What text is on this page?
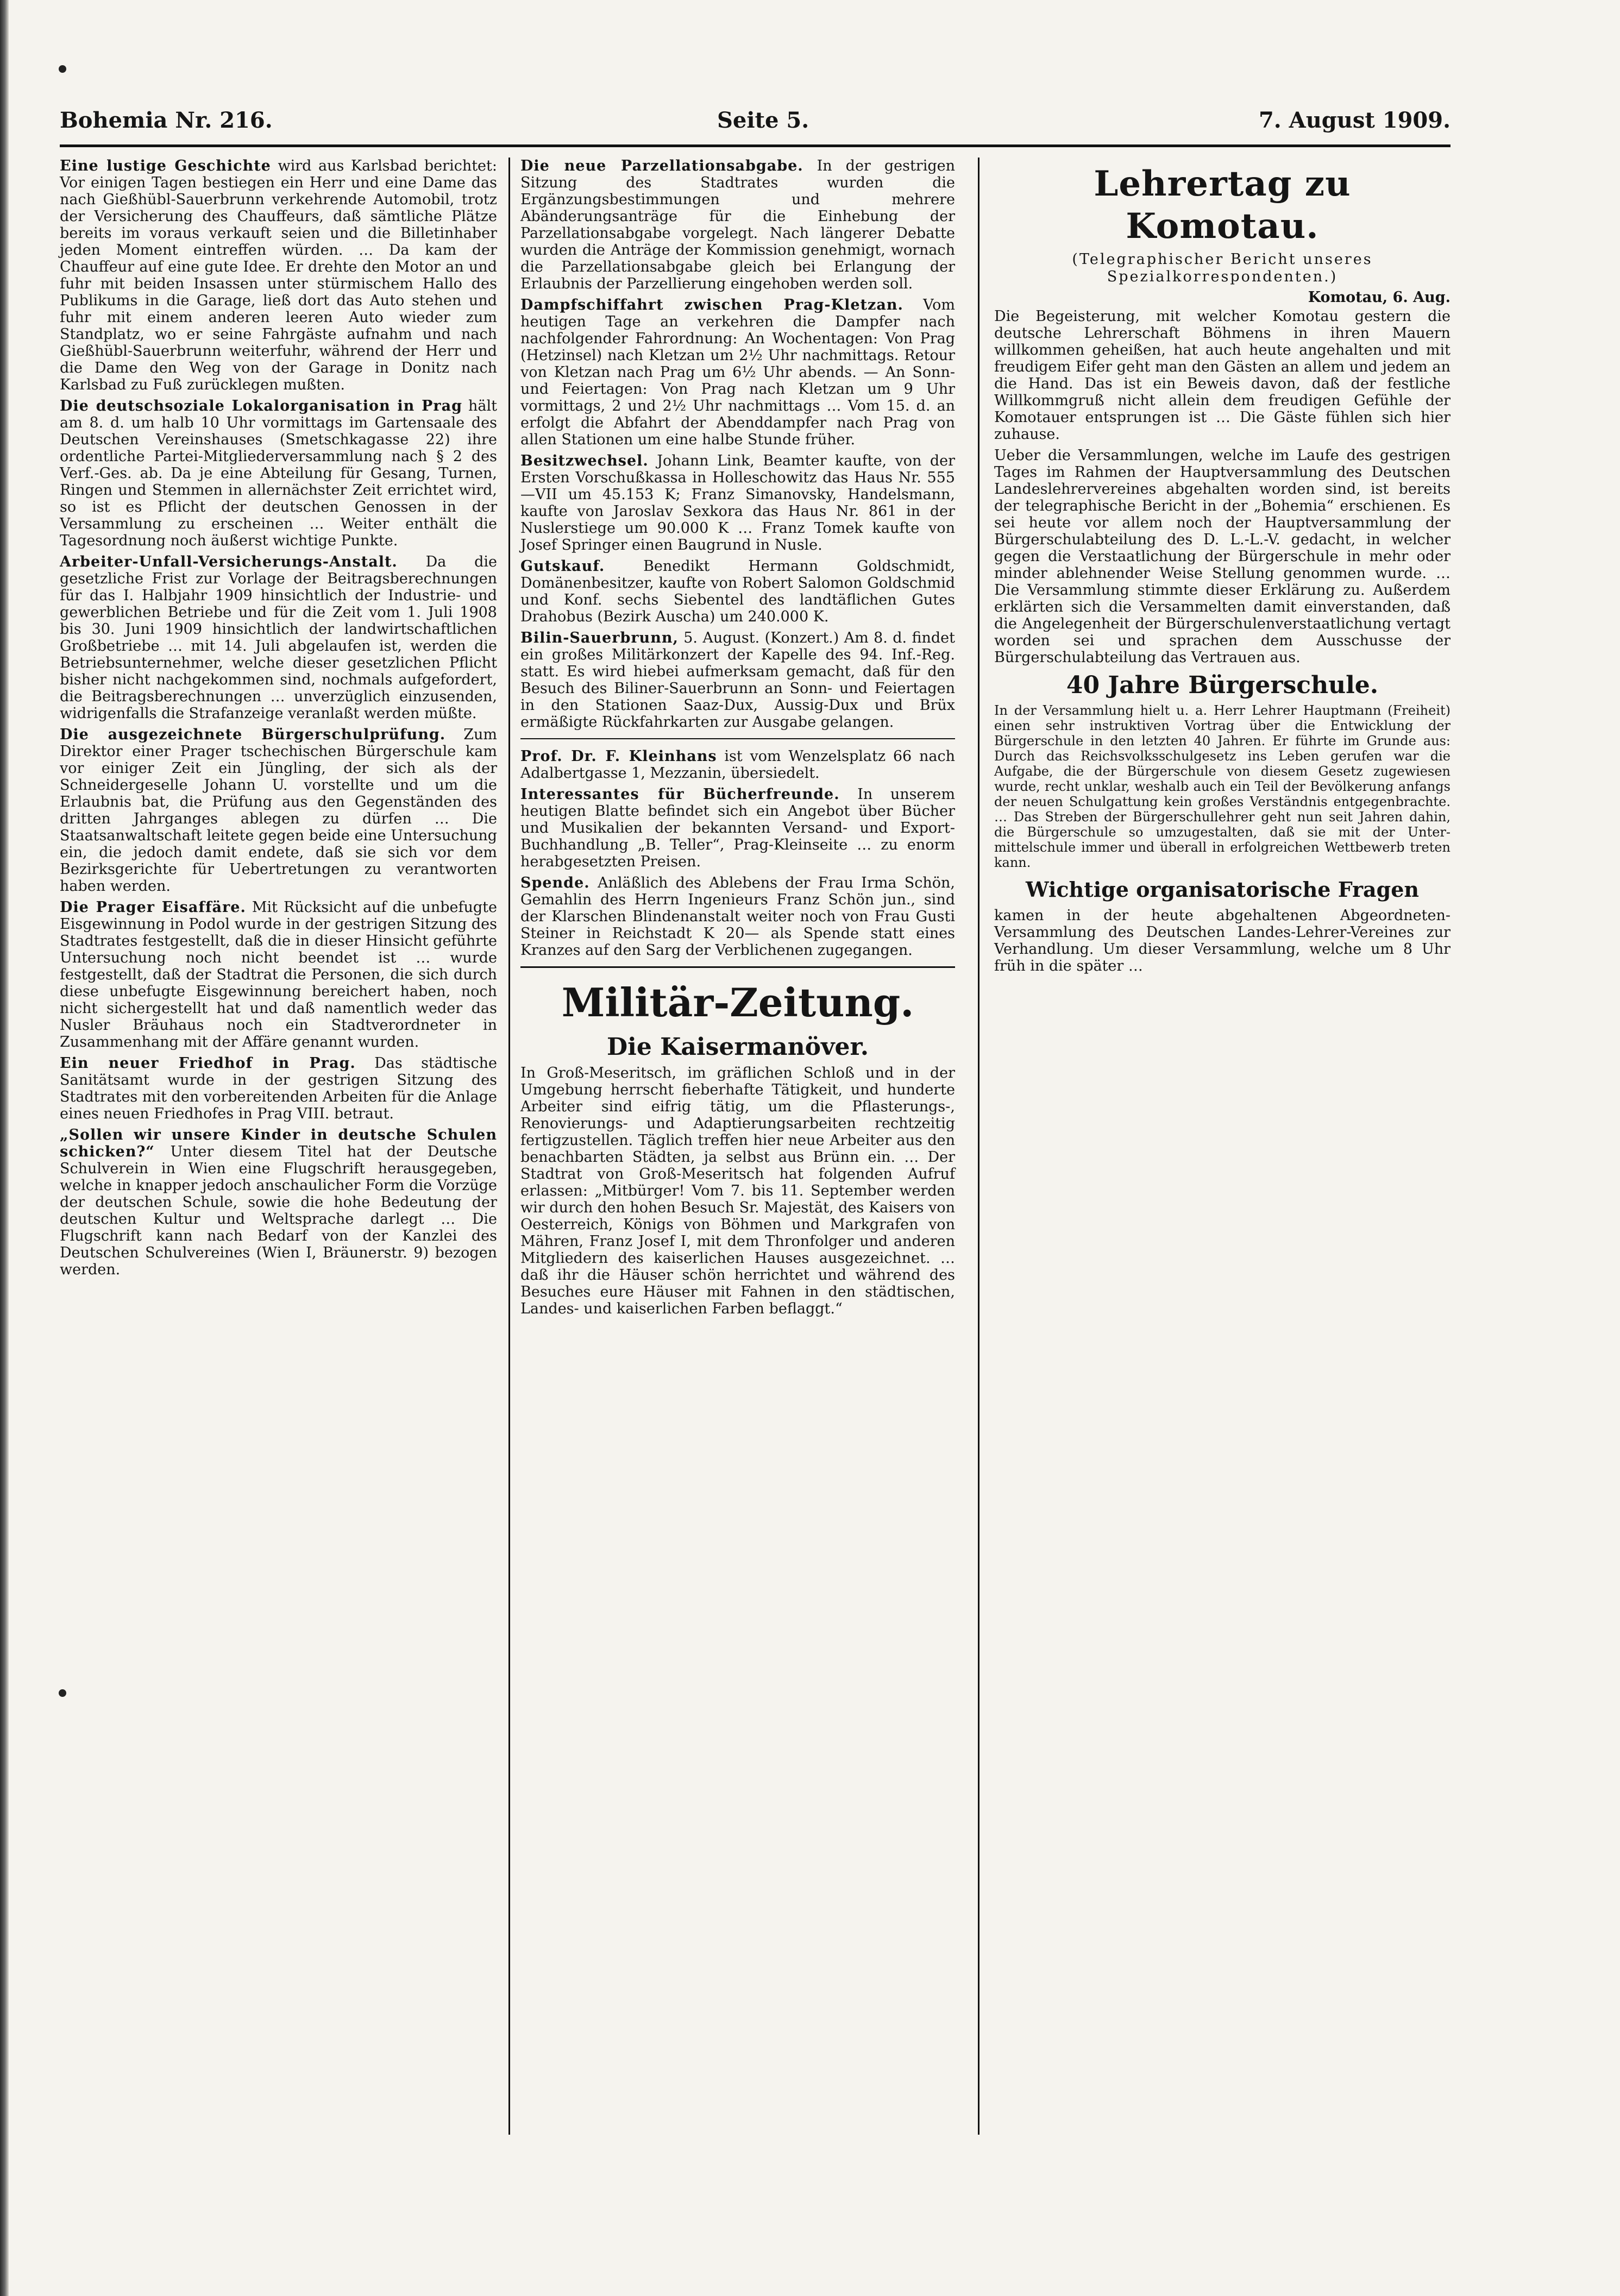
Bohemia Nr. 216.	Seite 5.	7. August 1909.

Eine lustige Geschichte wird aus Karlsbad berichtet: Vor einigen Tagen bestiegen ein Herr und eine Dame das nach Gießhübl-Sauerbrunn verkehrende Automobil, trotz der Versicherung des Chauffeurs, daß sämtliche Plätze bereits im voraus verkauft seien und die Billetinhaber jeden Moment eintreffen würden. … Da kam der Chauffeur auf eine gute Idee. Er drehte den Motor an und fuhr mit beiden Insassen unter stürmischem Hallo des Publikums in die Garage, ließ dort das Auto stehen und fuhr mit einem anderen leeren Auto wieder zum Standplatz, wo er seine Fahrgäste aufnahm und nach Gießhübl-Sauerbrunn weiterfuhr, während der Herr und die Dame den Weg von der Garage in Donitz nach Karlsbad zu Fuß zurücklegen mußten.

Die deutschsoziale Lokalorganisation in Prag hält am 8. d. um halb 10 Uhr vormittags im Gartensaale des Deutschen Vereinshauses (Smetschkagasse 22) ihre ordentliche Partei-Mitgliederversammlung nach § 2 des Verf.-Ges. ab. Da je eine Abteilung für Gesang, Turnen, Ringen und Stemmen in allernächster Zeit errichtet wird, so ist es Pflicht der deutschen Genossen in der Versammlung zu erscheinen … Weiter enthält die Tagesordnung noch äußerst wichtige Punkte.

Arbeiter-Unfall-Versicherungs-Anstalt. Da die gesetzliche Frist zur Vorlage der Beitragsberechnungen für das I. Halbjahr 1909 hinsichtlich der Industrie- und gewerblichen Betriebe und für die Zeit vom 1. Juli 1908 bis 30. Juni 1909 hinsichtlich der landwirtschaftlichen Großbetriebe … mit 14. Juli abgelaufen ist, werden die Betriebsunternehmer, welche dieser gesetzlichen Pflicht bisher nicht nachgekommen sind, nochmals aufgefordert, die Beitragsberechnungen … unverzüglich einzusenden, widrigenfalls die Strafanzeige veranlaßt werden müßte.

Die ausgezeichnete Bürgerschulprüfung. Zum Direktor einer Prager tschechischen Bürgerschule kam vor einiger Zeit ein Jüngling, der sich als der Schneidergeselle Johann U. vorstellte und um die Erlaubnis bat, die Prüfung aus den Gegenständen des dritten Jahrganges ablegen zu dürfen … Die Staatsanwaltschaft leitete gegen beide eine Untersuchung ein, die jedoch damit endete, daß sie sich vor dem Bezirksgerichte für Uebertretungen zu verantworten haben werden.

Die Prager Eisaffäre. Mit Rücksicht auf die unbefugte Eisgewinnung in Podol wurde in der gestrigen Sitzung des Stadtrates festgestellt, daß die in dieser Hinsicht geführte Untersuchung noch nicht beendet ist … wurde festgestellt, daß der Stadtrat die Personen, die sich durch diese unbefugte Eisgewinnung bereichert haben, noch nicht sichergestellt hat und daß namentlich weder das Nusler Bräuhaus noch ein Stadtverordneter in Zusammenhang mit der Affäre genannt wurden.

Ein neuer Friedhof in Prag. Das städtische Sanitätsamt wurde in der gestrigen Sitzung des Stadtrates mit den vorbereitenden Arbeiten für die Anlage eines neuen Friedhofes in Prag VIII. betraut.

„Sollen wir unsere Kinder in deutsche Schulen schicken?“ Unter diesem Titel hat der Deutsche Schulverein in Wien eine Flugschrift herausgegeben, welche in knapper jedoch anschaulicher Form die Vorzüge der deutschen Schule, sowie die hohe Bedeutung der deutschen Kultur und Weltsprache darlegt … Die Flugschrift kann nach Bedarf von der Kanzlei des Deutschen Schulvereines (Wien I, Bräunerstr. 9) bezogen werden.

Die neue Parzellationsabgabe. In der gestrigen Sitzung des Stadtrates wurden die Ergänzungsbestimmungen und mehrere Abänderungsanträge für die Einhebung der Parzellationsabgabe vorgelegt. Nach längerer Debatte wurden die Anträge der Kommission genehmigt, wornach die Parzellationsabgabe gleich bei Erlangung der Erlaubnis der Parzellierung eingehoben werden soll.

Dampfschiffahrt zwischen Prag-Kletzan. Vom heutigen Tage an verkehren die Dampfer nach nachfolgender Fahrordnung: An Wochentagen: Von Prag (Hetzinsel) nach Kletzan um 2½ Uhr nachmittags. Retour von Kletzan nach Prag um 6½ Uhr abends. — An Sonn- und Feiertagen: Von Prag nach Kletzan um 9 Uhr vormittags, 2 und 2½ Uhr nachmittags … Vom 15. d. an erfolgt die Abfahrt der Abenddampfer nach Prag von allen Stationen um eine halbe Stunde früher.

Besitzwechsel. Johann Link, Beamter kaufte, von der Ersten Vorschußkassa in Holleschowitz das Haus Nr. 555—VII um 45.153 K; Franz Simanovsky, Handelsmann, kaufte von Jaroslav Sexkora das Haus Nr. 861 in der Nuslerstiege um 90.000 K … Franz Tomek kaufte von Josef Springer einen Baugrund in Nusle.

Gutskauf.	Benedikt Hermann Goldschmidt, Domänenbesitzer, kaufte von Robert Salomon Goldschmid und Konf. sechs Siebentel des landtäflichen Gutes Drahobus (Bezirk Auscha) um 240.000 K.

Bilin-Sauerbrunn, 5. August. (Konzert.) Am 8. d. findet ein großes Militärkonzert der Kapelle des 94. Inf.-Reg. statt. Es wird hiebei aufmerksam gemacht, daß für den Besuch des Biliner-Sauerbrunn an Sonn- und Feiertagen in den Stationen Saaz-Dux, Aussig-Dux und Brüx ermäßigte Rückfahrkarten zur Ausgabe gelangen.

Prof. Dr. F. Kleinhans ist vom Wenzelsplatz 66 nach Adalbertgasse 1, Mezzanin, übersiedelt.

Interessantes für Bücherfreunde. In unserem heutigen Blatte befindet sich ein Angebot über Bücher und Musikalien der bekannten Versand- und Export-Buchhandlung „B. Teller“, Prag-Kleinseite … zu enorm herabgesetzten Preisen.

Spende. Anläßlich des Ablebens der Frau Irma Schön, Gemahlin des Herrn Ingenieurs Franz Schön jun., sind der Klarschen Blindenanstalt weiter noch von Frau Gusti Steiner in Reichstadt K 20— als Spende statt eines Kranzes auf den Sarg der Verblichenen zugegangen.

Militär-Zeitung.
Die Kaisermanöver.

In Groß-Meseritsch, im gräflichen Schloß und in der Umgebung herrscht fieberhafte Tätigkeit, und hunderte Arbeiter sind eifrig tätig, um die Pflasterungs-, Renovierungs- und Adaptierungsarbeiten rechtzeitig fertigzustellen. Täglich treffen hier neue Arbeiter aus den benachbarten Städten, ja selbst aus Brünn ein. … Der Stadtrat von Groß-Meseritsch hat folgenden Aufruf erlassen: „Mitbürger! Vom 7. bis 11. September werden wir durch den hohen Besuch Sr. Majestät, des Kaisers von Oesterreich, Königs von Böhmen und Markgrafen von Mähren, Franz Josef I, mit dem Thronfolger und anderen Mitgliedern des kaiserlichen Hauses ausgezeichnet. … daß ihr die Häuser schön herrichtet und während des Besuches eure Häuser mit Fahnen in den städtischen, Landes- und kaiserlichen Farben beflaggt.“

Lehrertag zu Komotau.
(Telegraphischer Bericht unseres Spezialkorrespondenten.)
Komotau, 6. Aug.

Die Begeisterung, mit welcher Komotau gestern die deutsche Lehrerschaft Böhmens in ihren Mauern willkommen geheißen, hat auch heute angehalten und mit freudigem Eifer geht man den Gästen an allem und jedem an die Hand. Das ist ein Beweis davon, daß der festliche Willkommgruß nicht allein dem freudigen Gefühle der Komotauer entsprungen ist … Die Gäste fühlen sich hier zuhause.

Ueber die Versammlungen, welche im Laufe des gestrigen Tages im Rahmen der Hauptversammlung des Deutschen Landeslehrervereines abgehalten worden sind, ist bereits der telegraphische Bericht in der „Bohemia“ erschienen. Es sei heute vor allem noch der Hauptversammlung der Bürgerschulabteilung des D. L.-L.-V. gedacht, in welcher gegen die Verstaatlichung der Bürgerschule in mehr oder minder ablehnender Weise Stellung genommen wurde. … Die Versammlung stimmte dieser Erklärung zu. Außerdem erklärten sich die Versammelten damit einverstanden, daß die Angelegenheit der Bürgerschulenverstaatlichung vertagt worden sei und sprachen dem Ausschusse der Bürgerschulabteilung das Vertrauen aus.

40 Jahre Bürgerschule.

In der Versammlung hielt u. a. Herr Lehrer Hauptmann (Freiheit) einen sehr instruktiven Vortrag über die Entwicklung der Bürgerschule in den letzten 40 Jahren. Er führte im Grunde aus: Durch das Reichsvolksschulgesetz ins Leben gerufen war die Aufgabe, die der Bürgerschule von diesem Gesetz zugewiesen wurde, recht unklar, weshalb auch ein Teil der Bevölkerung anfangs der neuen Schulgattung kein großes Verständnis entgegenbrachte. … Das Streben der Bürgerschullehrer geht nun seit Jahren dahin, die Bürgerschule so umzugestalten, daß sie mit der Unter-mittelschule immer und überall in erfolgreichen Wettbewerb treten kann.

Wichtige organisatorische Fragen

kamen in der heute abgehaltenen Abgeordneten-Versammlung des Deutschen Landes-Lehrer-Vereines zur Verhandlung. Um dieser Versammlung, welche um 8 Uhr früh in die später …
